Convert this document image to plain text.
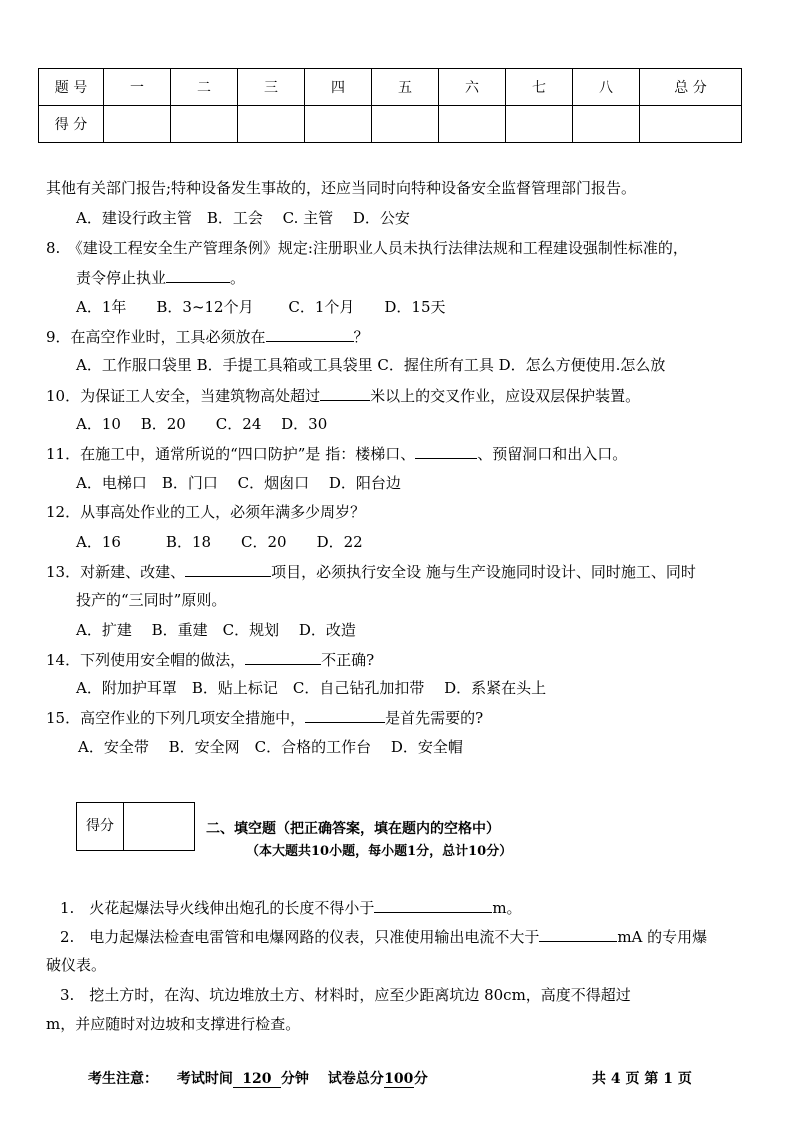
题 号	一	二	三	四	五	六	七	八	总 分
得 分									
其他有关部门报告;特种设备发生事故的，还应当同时向特种设备安全监督管理部门报告。
A．建设行政主管　B．工会　 C. 主管　 D．公安
8.　《建设工程安全生产管理条例》规定:注册职业人员未执行法律法规和工程建设强制性标准的，
责令停止执业	。
A．1年　　B．3~12个月　　 C．1个月　　D．15天
9．在高空作业时，工具必须放在	？
A．工作服口袋里 B．手提工具箱或工具袋里 C．握住所有工具 D．怎么方便使用.怎么放
10．为保证工人安全，当建筑物高处超过	米以上的交叉作业，应设双层保护装置。
A．10　 B．20　　C．24　 D．30
11．在施工中，通常所说的“四口防护”是 指：楼梯口、	、预留洞口和出入口。
A．电梯口　B．门口　 C．烟囱口　 D．阳台边
12．从事高处作业的工人，必须年满多少周岁？
A．16　　　B．18　　C．20　　D．22
13．对新建、改建、	项目，必须执行安全设 施与生产设施同时设计、同时施工、同时
投产的“三同时”原则。
A．扩建　 B．重建　C．规划　 D．改造
14．下列使用安全帽的做法，	不正确?
A．附加护耳罩　B．贴上标记　C．自己钻孔加扣带　 D．系紧在头上
15．高空作业的下列几项安全措施中，	是首先需要的?
A．安全带　 B．安全网　C．合格的工作台　 D．安全帽
得分	二、填空题（把正确答案，填在题内的空格中）
（本大题共10小题，每小题1分，总计10分）
1.　火花起爆法导火线伸出炮孔的长度不得小于	m。
2.　电力起爆法检查电雷管和电爆网路的仪表，只准使用输出电流不大于	mA 的专用爆
破仪表。
3.　挖土方时，在沟、坑边堆放土方、材料时，应至少距离坑边 80cm，高度不得超过
m，并应随时对边坡和支撑进行检查。
考生注意： 考试时间 120 分钟 试卷总分100分	共 4 页 第 1 页
